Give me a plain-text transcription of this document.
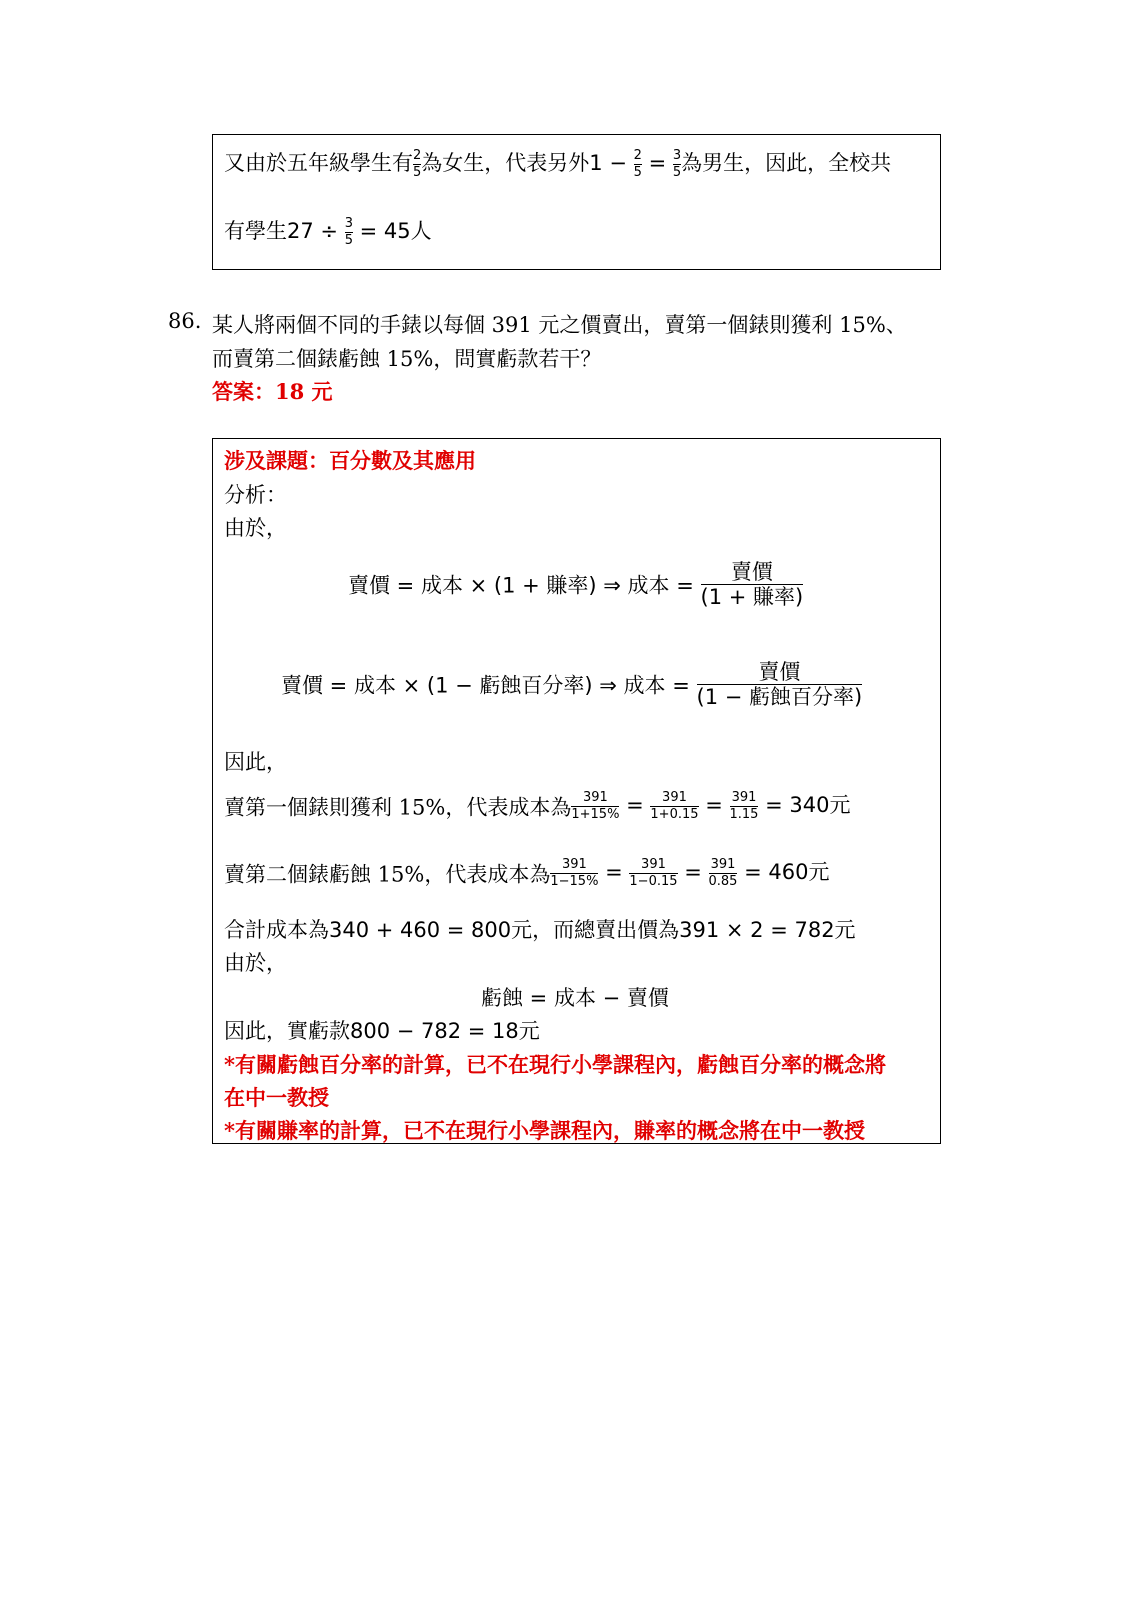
又由於五年級學生有 $\frac{2}{5}$ 為女生，代表另外$1 - \frac{2}{5} = \frac{3}{5}$ 為男生，因此，全校共
有學生$27 \div \frac{3}{5} = 45$人
86. 某人將兩個不同的手錶以每個 391 元之價賣出，賣第一個錶則獲利 15%、
而賣第二個錶虧蝕 15%，問實虧款若干？
答案：18 元
涉及課題：百分數及其應用
分析：
由於，
賣價 = 成本 × (1 + 賺率) ⇒ 成本 = $\frac{\text{賣價}}{\text{(1 + 賺率)}}$
賣價 = 成本 × (1 − 虧蝕百分率) ⇒ 成本 = $\frac{\text{賣價}}{\text{(1 − 虧蝕百分率)}}$
因此，
賣第一個錶則獲利 15%，代表成本為 $\frac{391}{1+15\%} = \frac{391}{1+0.15} = \frac{391}{1.15} = 340$元
賣第二個錶虧蝕 15%，代表成本為 $\frac{391}{1-15\%} = \frac{391}{1-0.15} = \frac{391}{0.85} = 460$元
合計成本為340 + 460 = 800元，而總賣出價為391 × 2 = 782元
由於，
虧蝕 = 成本 − 賣價
因此，實虧款800 − 782 = 18元
*有關虧蝕百分率的計算，已不在現行小學課程內，虧蝕百分率的概念將
在中一教授
*有關賺率的計算，已不在現行小學課程內，賺率的概念將在中一教授
